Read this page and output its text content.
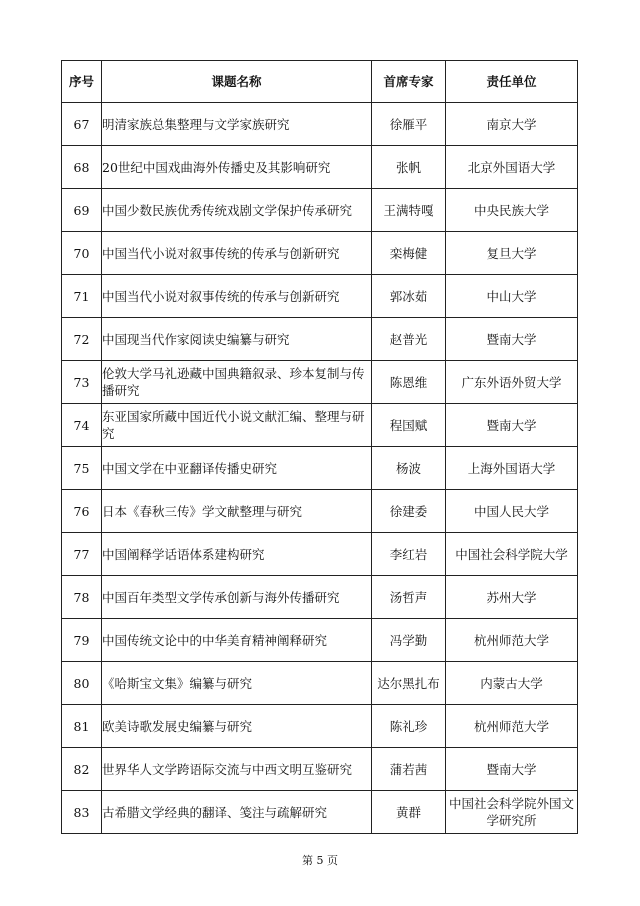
序号	课题名称	首席专家	责任单位
67	明清家族总集整理与文学家族研究	徐雁平	南京大学
68	20世纪中国戏曲海外传播史及其影响研究	张帆	北京外国语大学
69	中国少数民族优秀传统戏剧文学保护传承研究	王满特嘎	中央民族大学
70	中国当代小说对叙事传统的传承与创新研究	栾梅健	复旦大学
71	中国当代小说对叙事传统的传承与创新研究	郭冰茹	中山大学
72	中国现当代作家阅读史编纂与研究	赵普光	暨南大学
73	伦敦大学马礼逊藏中国典籍叙录、珍本复制与传播研究	陈恩维	广东外语外贸大学
74	东亚国家所藏中国近代小说文献汇编、整理与研究	程国赋	暨南大学
75	中国文学在中亚翻译传播史研究	杨波	上海外国语大学
76	日本《春秋三传》学文献整理与研究	徐建委	中国人民大学
77	中国阐释学话语体系建构研究	李红岩	中国社会科学院大学
78	中国百年类型文学传承创新与海外传播研究	汤哲声	苏州大学
79	中国传统文论中的中华美育精神阐释研究	冯学勤	杭州师范大学
80	《哈斯宝文集》编纂与研究	达尔黑扎布	内蒙古大学
81	欧美诗歌发展史编纂与研究	陈礼珍	杭州师范大学
82	世界华人文学跨语际交流与中西文明互鉴研究	蒲若茜	暨南大学
83	古希腊文学经典的翻译、笺注与疏解研究	黄群	中国社会科学院外国文学研究所
第 5 页
